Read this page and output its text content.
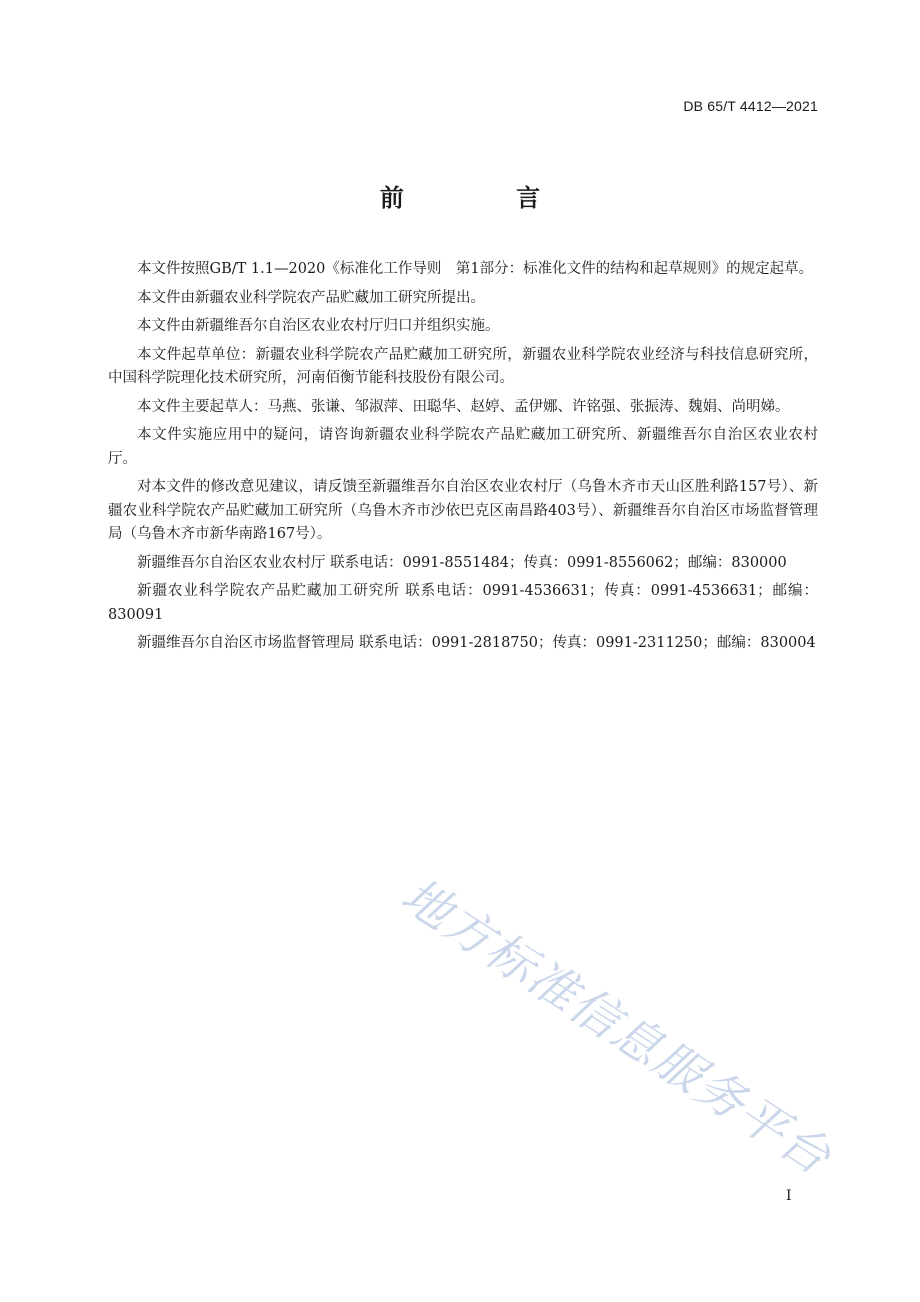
DB 65/T 4412—2021
前 言

本文件按照GB/T 1.1—2020《标准化工作导则　第1部分：标准化文件的结构和起草规则》的规定起草。

本文件由新疆农业科学院农产品贮藏加工研究所提出。

本文件由新疆维吾尔自治区农业农村厅归口并组织实施。

本文件起草单位：新疆农业科学院农产品贮藏加工研究所，新疆农业科学院农业经济与科技信息研究所，中国科学院理化技术研究所，河南佰衡节能科技股份有限公司。

本文件主要起草人：马燕、张谦、邹淑萍、田聪华、赵婷、孟伊娜、许铭强、张振涛、魏娟、尚明娣。

本文件实施应用中的疑问，请咨询新疆农业科学院农产品贮藏加工研究所、新疆维吾尔自治区农业农村厅。

对本文件的修改意见建议，请反馈至新疆维吾尔自治区农业农村厅（乌鲁木齐市天山区胜利路157号）、新疆农业科学院农产品贮藏加工研究所（乌鲁木齐市沙依巴克区南昌路403号）、新疆维吾尔自治区市场监督管理局（乌鲁木齐市新华南路167号）。

新疆维吾尔自治区农业农村厅 联系电话：0991-8551484；传真：0991-8556062；邮编：830000

新疆农业科学院农产品贮藏加工研究所 联系电话：0991-4536631；传真：0991-4536631；邮编：830091

新疆维吾尔自治区市场监督管理局 联系电话：0991-2818750；传真：0991-2311250；邮编：830004

地方标准信息服务平台
I
